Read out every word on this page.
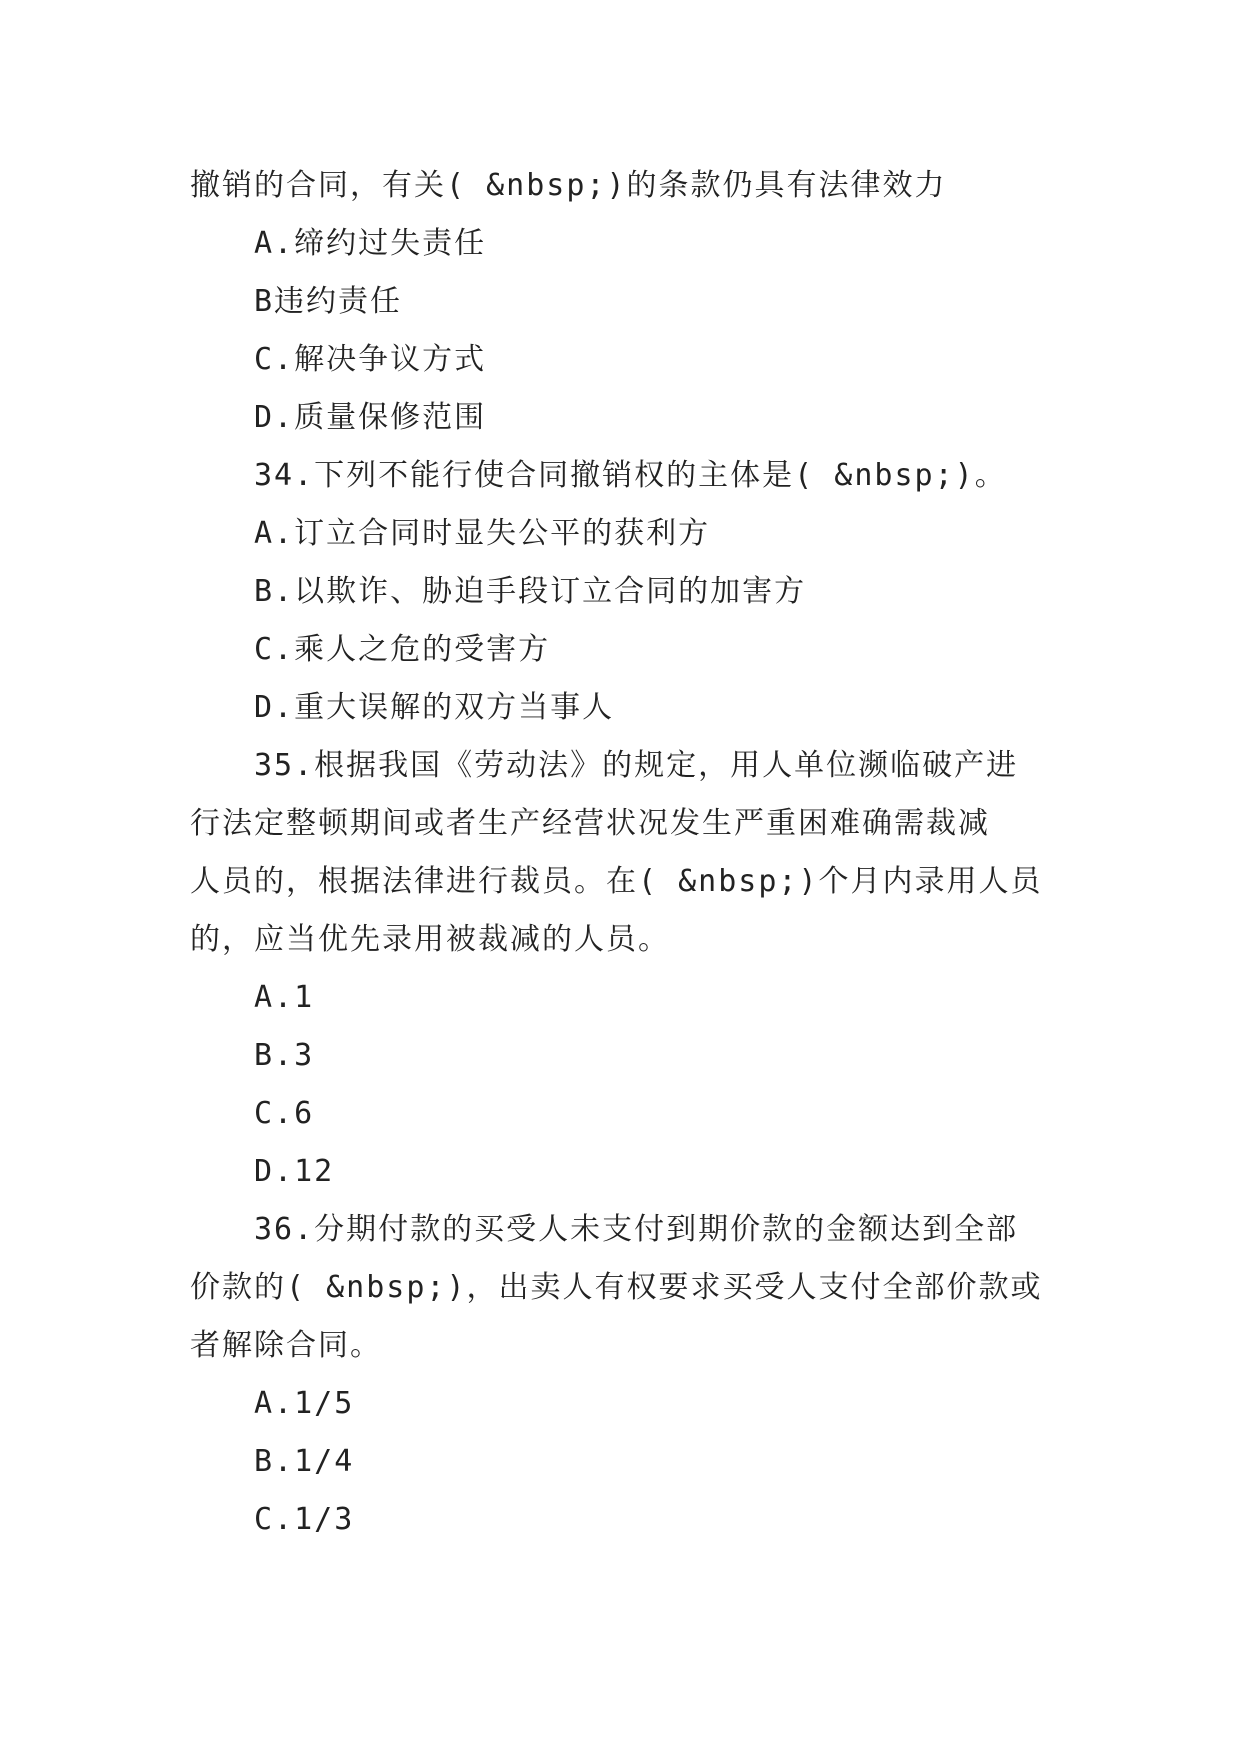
撤销的合同，有关( &nbsp;)的条款仍具有法律效力
A.缔约过失责任
B违约责任
C.解决争议方式
D.质量保修范围
34.下列不能行使合同撤销权的主体是( &nbsp;)。
A.订立合同时显失公平的获利方
B.以欺诈、胁迫手段订立合同的加害方
C.乘人之危的受害方
D.重大误解的双方当事人
35.根据我国《劳动法》的规定，用人单位濒临破产进
行法定整顿期间或者生产经营状况发生严重困难确需裁减
人员的，根据法律进行裁员。在( &nbsp;)个月内录用人员
的，应当优先录用被裁减的人员。
A.1
B.3
C.6
D.12
36.分期付款的买受人未支付到期价款的金额达到全部
价款的( &nbsp;)，出卖人有权要求买受人支付全部价款或
者解除合同。
A.1/5
B.1/4
C.1/3
